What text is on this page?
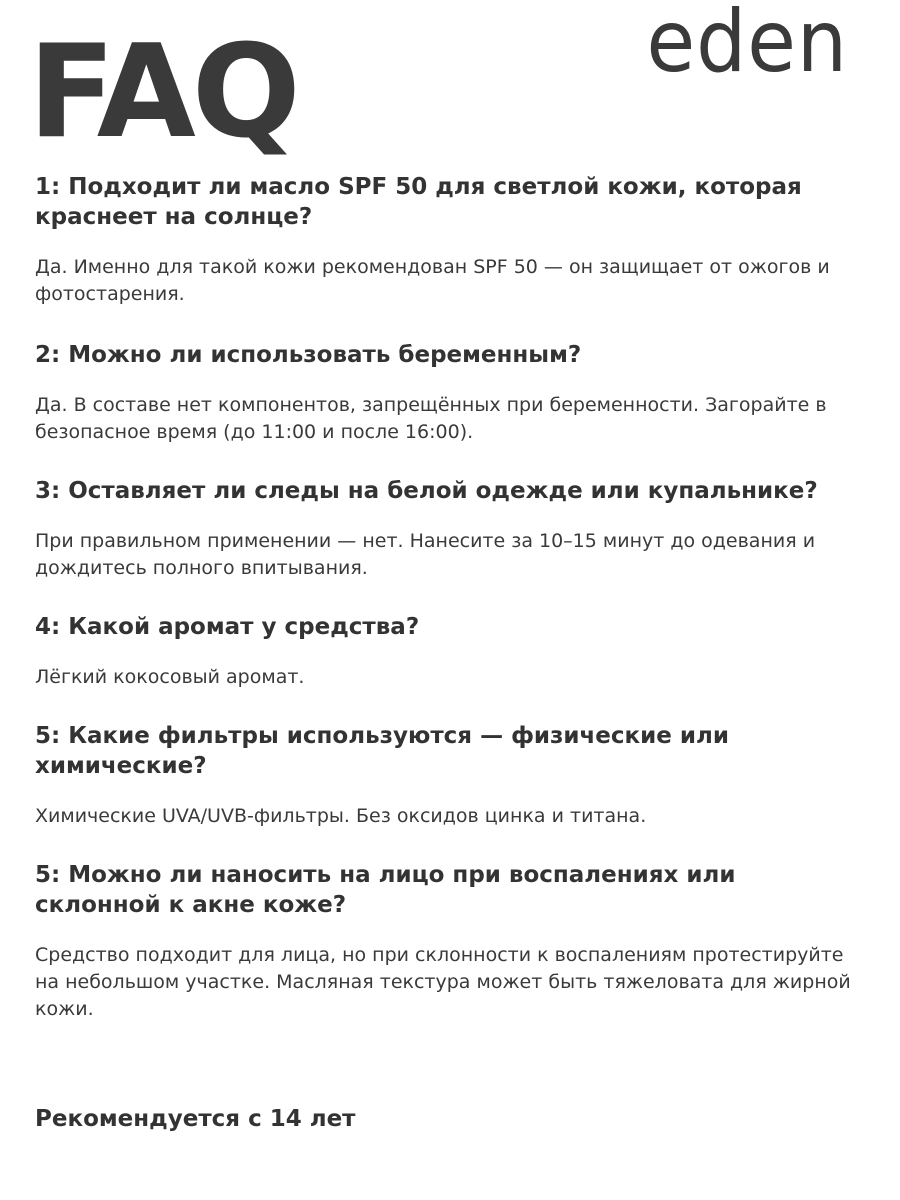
FAQ	eden

1: Подходит ли масло SPF 50 для светлой кожи, которая краснеет на солнце?

Да. Именно для такой кожи рекомендован SPF 50 — он защищает от ожогов и фотостарения.

2: Можно ли использовать беременным?

Да. В составе нет компонентов, запрещённых при беременности. Загорайте в безопасное время (до 11:00 и после 16:00).

3: Оставляет ли следы на белой одежде или купальнике?

При правильном применении — нет. Нанесите за 10–15 минут до одевания и дождитесь полного впитывания.

4: Какой аромат у средства?

Лёгкий кокосовый аромат.

5: Какие фильтры используются — физические или химические?

Химические UVA/UVB-фильтры. Без оксидов цинка и титана.

5: Можно ли наносить на лицо при воспалениях или склонной к акне коже?

Средство подходит для лица, но при склонности к воспалениям протестируйте на небольшом участке. Масляная текстура может быть тяжеловата для жирной кожи.

Рекомендуется с 14 лет
